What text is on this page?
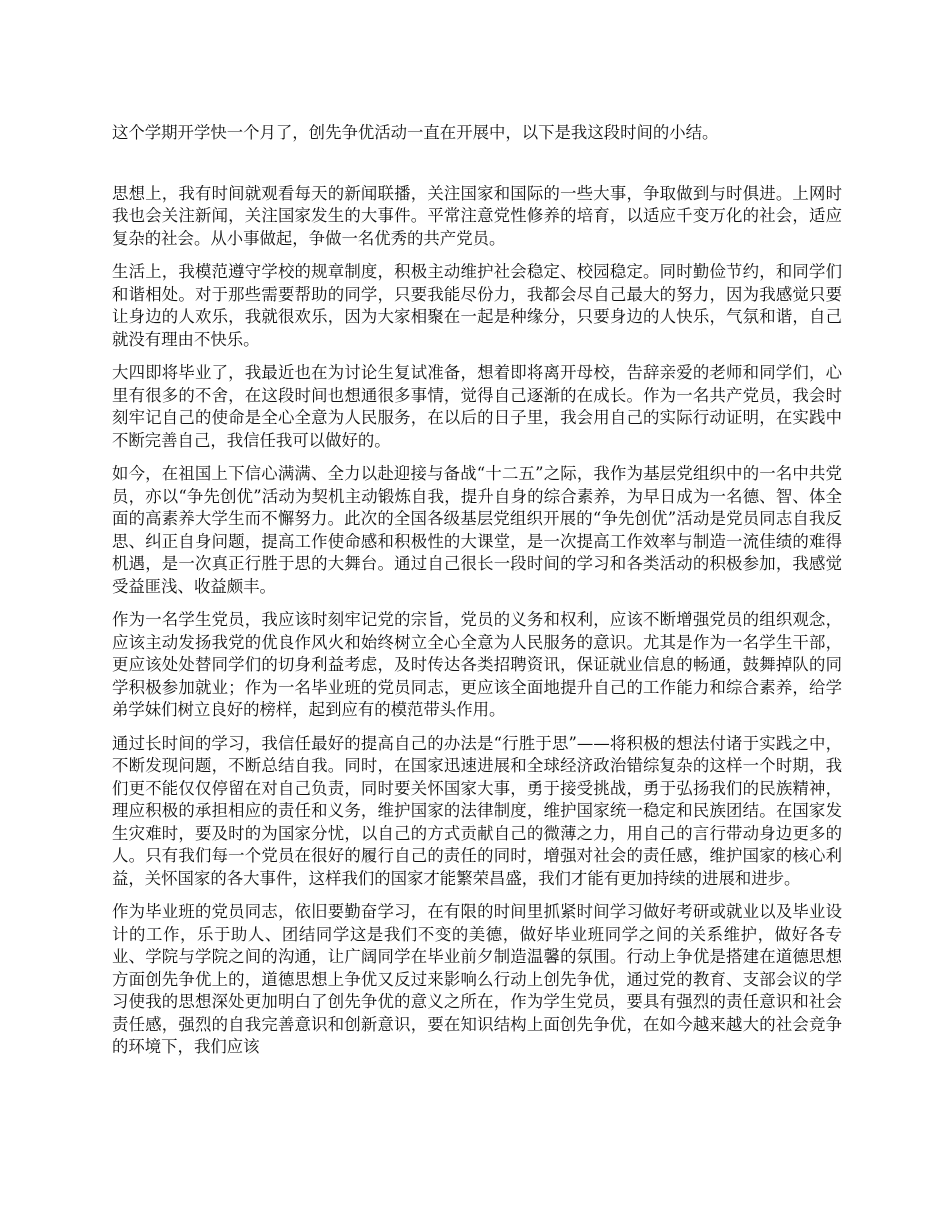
这个学期开学快一个月了，创先争优活动一直在开展中，以下是我这段时间的小结。

思想上，我有时间就观看每天的新闻联播，关注国家和国际的一些大事，争取做到与时俱进。上网时我也会关注新闻，关注国家发生的大事件。平常注意党性修养的培育，以适应千变万化的社会，适应复杂的社会。从小事做起，争做一名优秀的共产党员。

生活上，我模范遵守学校的规章制度，积极主动维护社会稳定、校园稳定。同时勤俭节约，和同学们和谐相处。对于那些需要帮助的同学，只要我能尽份力，我都会尽自己最大的努力，因为我感觉只要让身边的人欢乐，我就很欢乐，因为大家相聚在一起是种缘分，只要身边的人快乐，气氛和谐，自己就没有理由不快乐。

大四即将毕业了，我最近也在为讨论生复试准备，想着即将离开母校，告辞亲爱的老师和同学们，心里有很多的不舍，在这段时间也想通很多事情，觉得自己逐渐的在成长。作为一名共产党员，我会时刻牢记自己的使命是全心全意为人民服务，在以后的日子里，我会用自己的实际行动证明，在实践中不断完善自己，我信任我可以做好的。

如今，在祖国上下信心满满、全力以赴迎接与备战“十二五”之际，我作为基层党组织中的一名中共党员，亦以“争先创优”活动为契机主动锻炼自我，提升自身的综合素养，为早日成为一名德、智、体全面的高素养大学生而不懈努力。此次的全国各级基层党组织开展的“争先创优”活动是党员同志自我反思、纠正自身问题，提高工作使命感和积极性的大课堂，是一次提高工作效率与制造一流佳绩的难得机遇，是一次真正行胜于思的大舞台。通过自己很长一段时间的学习和各类活动的积极参加，我感觉受益匪浅、收益颇丰。

作为一名学生党员，我应该时刻牢记党的宗旨，党员的义务和权利，应该不断增强党员的组织观念，应该主动发扬我党的优良作风火和始终树立全心全意为人民服务的意识。尤其是作为一名学生干部，更应该处处替同学们的切身利益考虑，及时传达各类招聘资讯，保证就业信息的畅通，鼓舞掉队的同学积极参加就业；作为一名毕业班的党员同志，更应该全面地提升自己的工作能力和综合素养，给学弟学妹们树立良好的榜样，起到应有的模范带头作用。

通过长时间的学习，我信任最好的提高自己的办法是“行胜于思”——将积极的想法付诸于实践之中，不断发现问题，不断总结自我。同时，在国家迅速进展和全球经济政治错综复杂的这样一个时期，我们更不能仅仅停留在对自己负责，同时要关怀国家大事，勇于接受挑战，勇于弘扬我们的民族精神，理应积极的承担相应的责任和义务，维护国家的法律制度，维护国家统一稳定和民族团结。在国家发生灾难时，要及时的为国家分忧，以自己的方式贡献自己的微薄之力，用自己的言行带动身边更多的人。只有我们每一个党员在很好的履行自己的责任的同时，增强对社会的责任感，维护国家的核心利益，关怀国家的各大事件，这样我们的国家才能繁荣昌盛，我们才能有更加持续的进展和进步。

作为毕业班的党员同志，依旧要勤奋学习，在有限的时间里抓紧时间学习做好考研或就业以及毕业设计的工作，乐于助人、团结同学这是我们不变的美德，做好毕业班同学之间的关系维护，做好各专业、学院与学院之间的沟通，让广阔同学在毕业前夕制造温馨的氛围。行动上争优是搭建在道德思想方面创先争优上的，道德思想上争优又反过来影响么行动上创先争优，通过党的教育、支部会议的学习使我的思想深处更加明白了创先争优的意义之所在，作为学生党员，要具有强烈的责任意识和社会责任感，强烈的自我完善意识和创新意识，要在知识结构上面创先争优，在如今越来越大的社会竞争的环境下，我们应该
